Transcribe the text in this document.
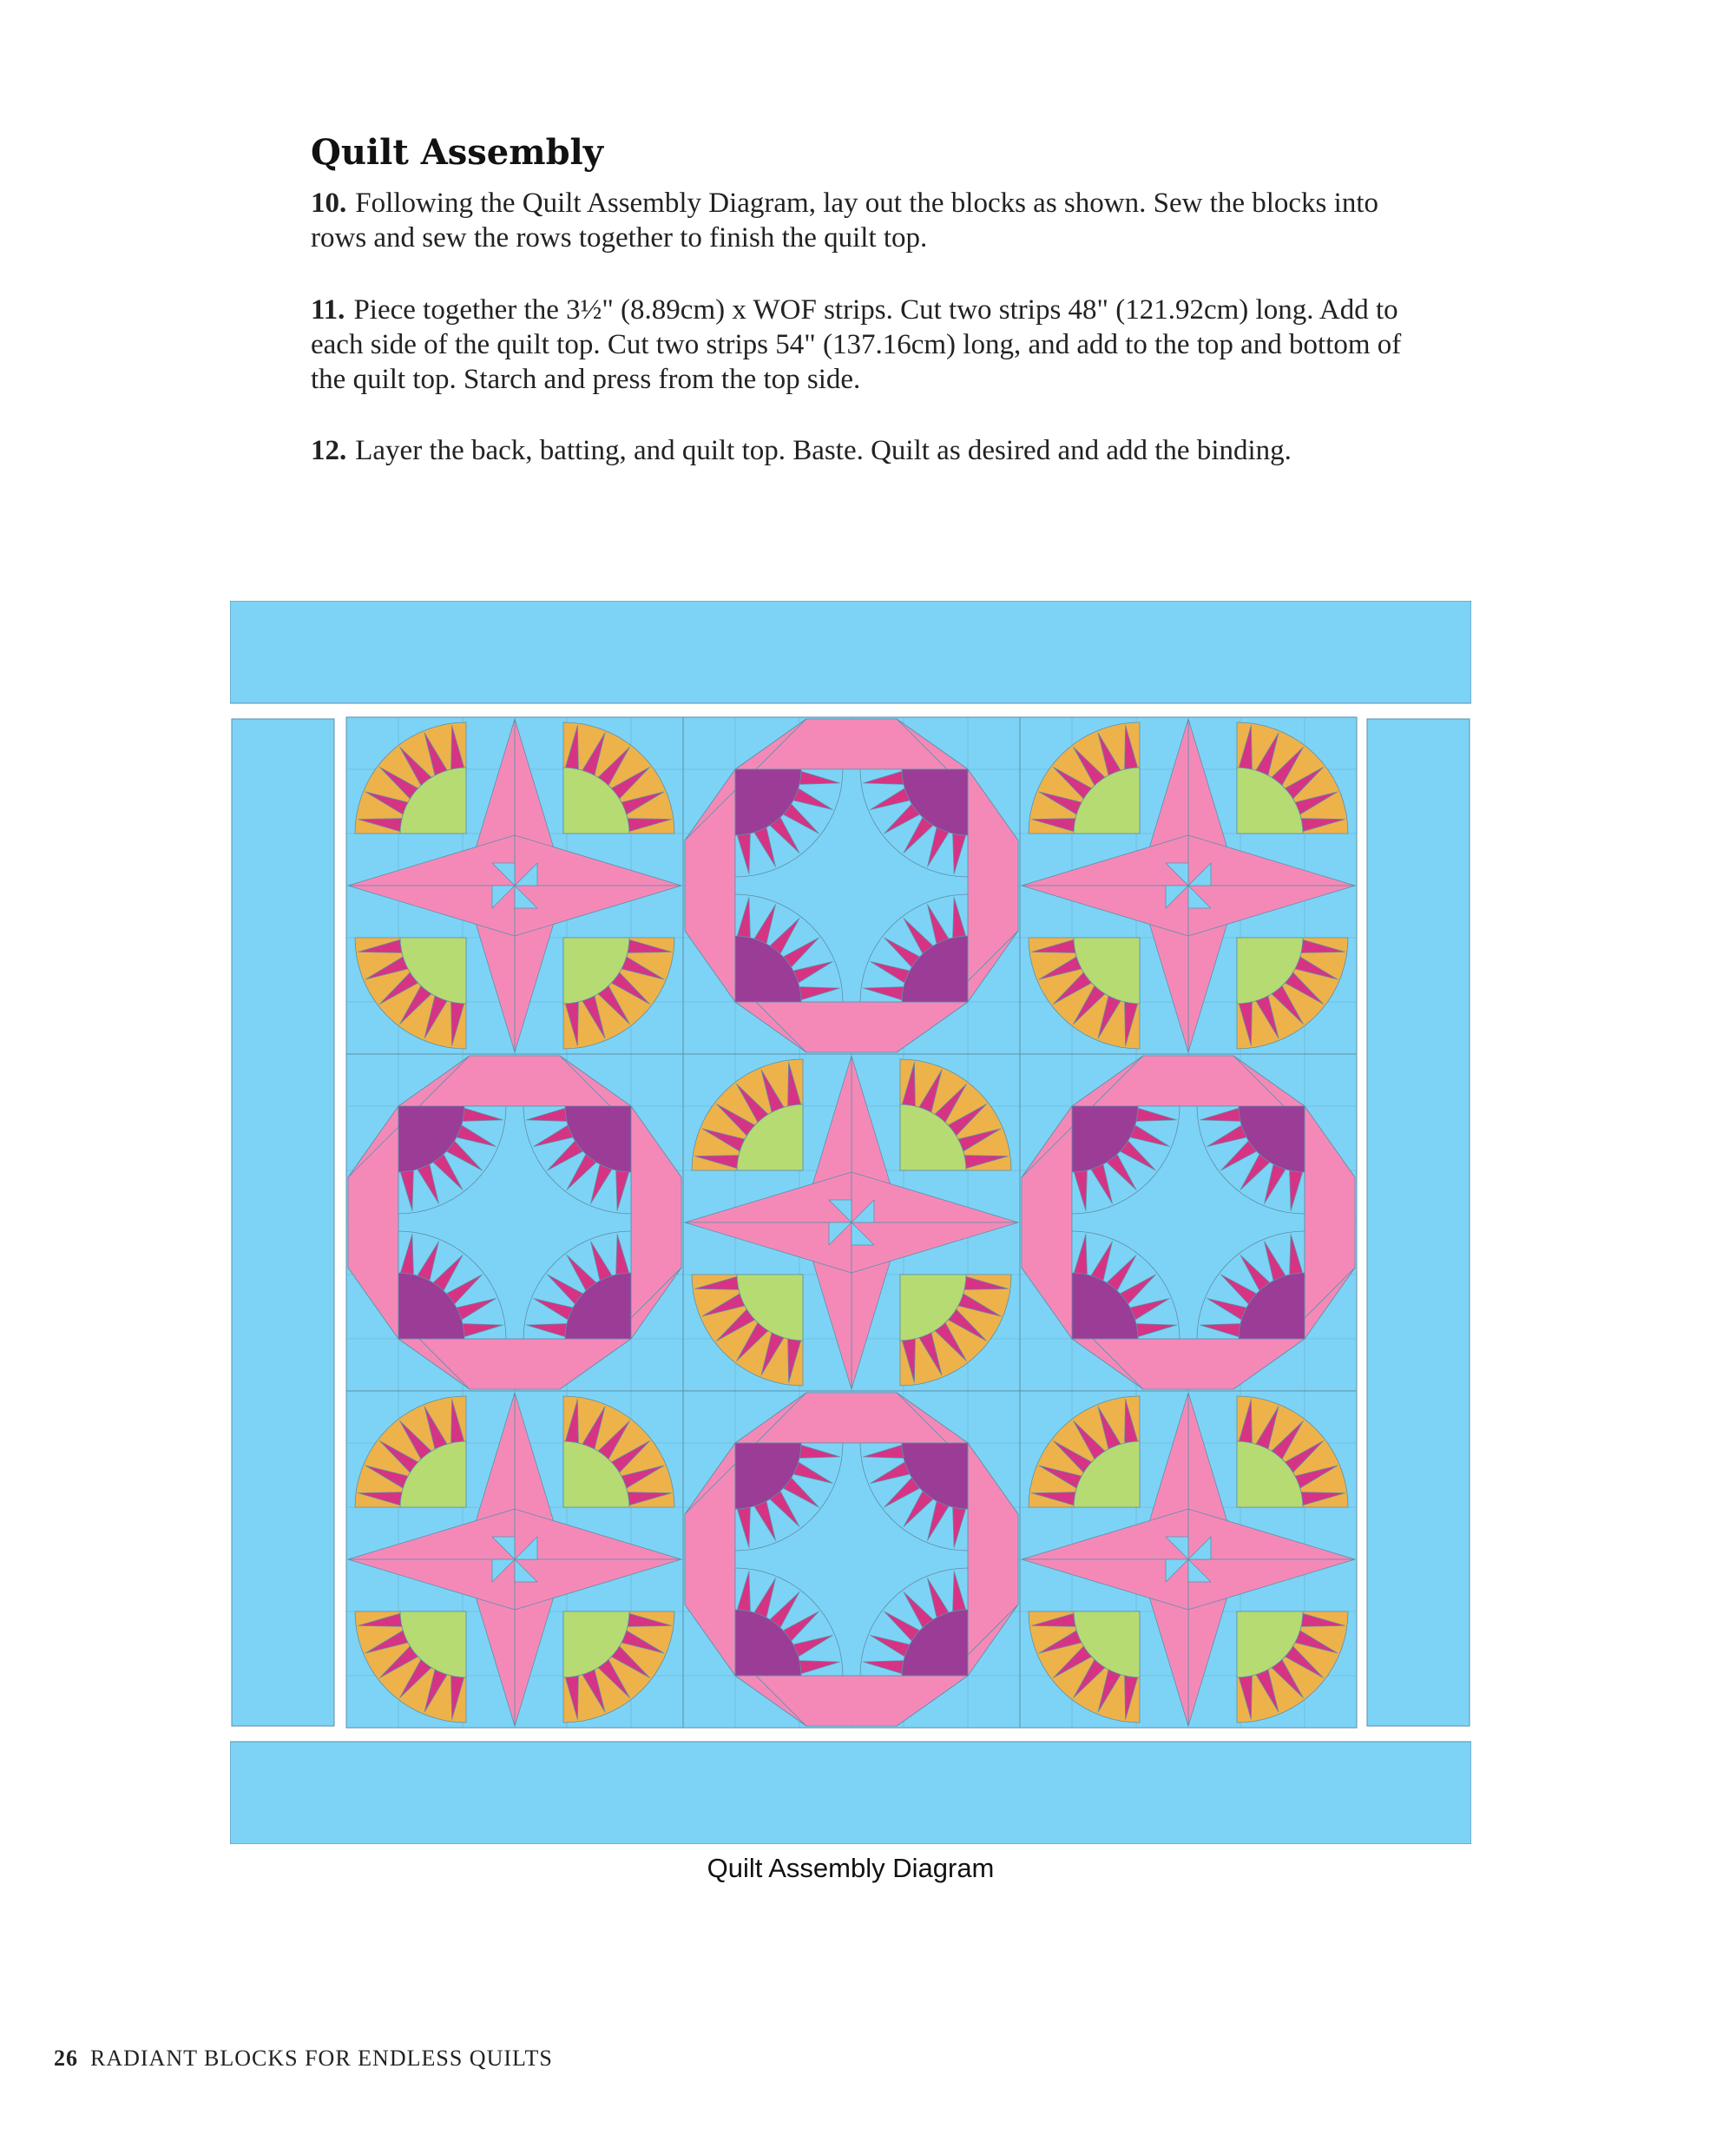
Quilt Assembly

10. Following the Quilt Assembly Diagram, lay out the blocks as shown. Sew the blocks into rows and sew the rows together to finish the quilt top.

11. Piece together the 3½" (8.89cm) x WOF strips. Cut two strips 48" (121.92cm) long. Add to each side of the quilt top. Cut two strips 54" (137.16cm) long, and add to the top and bottom of the quilt top. Starch and press from the top side.

12. Layer the back, batting, and quilt top. Baste. Quilt as desired and add the binding.

Quilt Assembly Diagram

26 RADIANT BLOCKS FOR ENDLESS QUILTS
